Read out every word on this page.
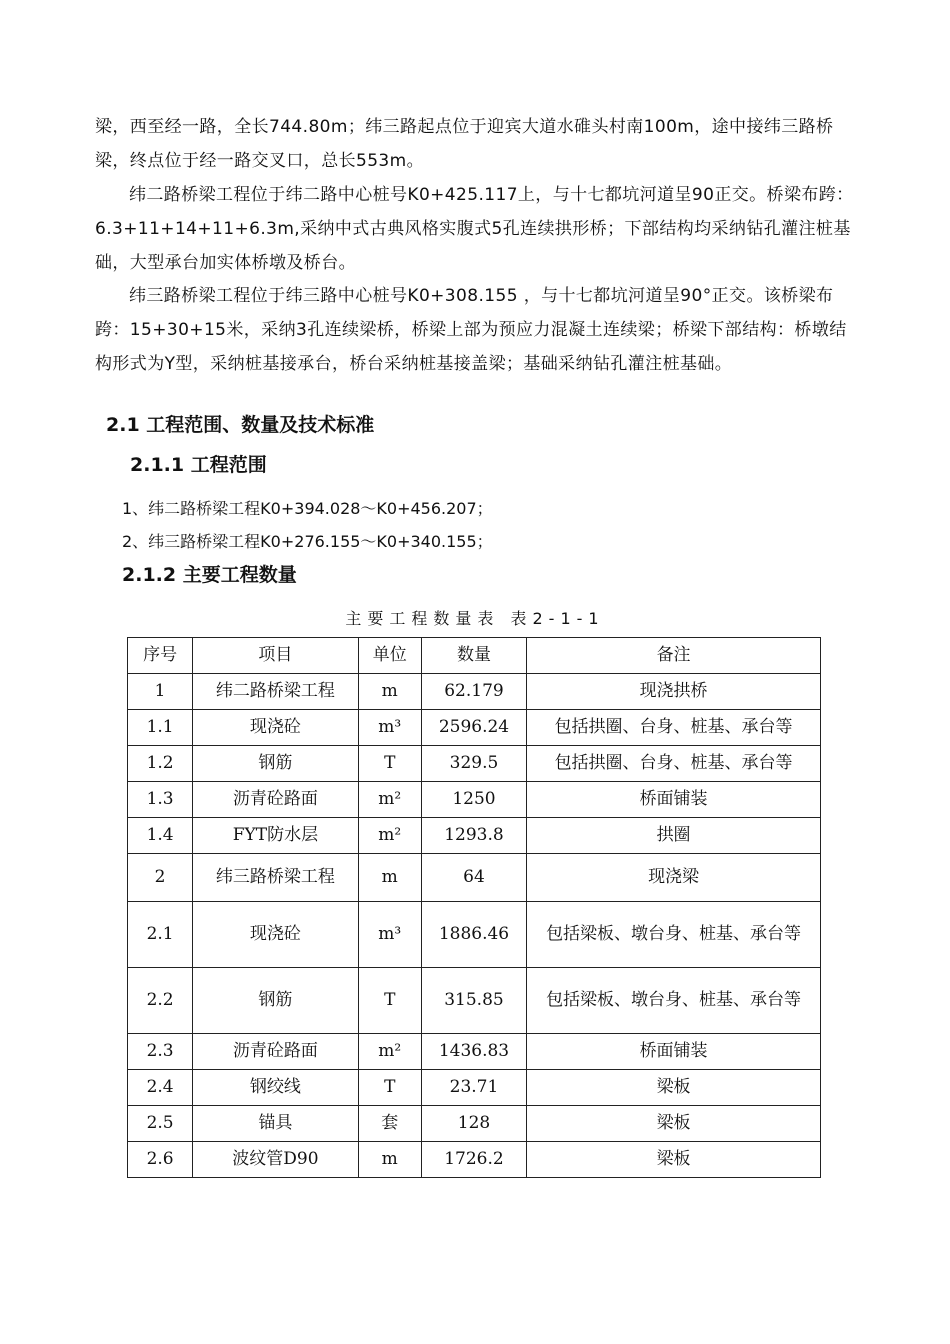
梁，西至经一路，全长744.80m；纬三路起点位于迎宾大道水碓头村南100m，途中接纬三路桥梁，终点位于经一路交叉口，总长553m。

纬二路桥梁工程位于纬二路中心桩号K0+425.117上，与十七都坑河道呈90正交。桥梁布跨：6.3+11+14+11+6.3m,采纳中式古典风格实腹式5孔连续拱形桥；下部结构均采纳钻孔灌注桩基础，大型承台加实体桥墩及桥台。

纬三路桥梁工程位于纬三路中心桩号K0+308.155 ，与十七都坑河道呈90°正交。该桥梁布跨：15+30+15米，采纳3孔连续梁桥，桥梁上部为预应力混凝土连续梁；桥梁下部结构：桥墩结构形式为Y型，采纳桩基接承台，桥台采纳桩基接盖梁；基础采纳钻孔灌注桩基础。

2.1 工程范围、数量及技术标准
2.1.1 工程范围

1、纬二路桥梁工程K0+394.028～K0+456.207；

2、纬三路桥梁工程K0+276.155～K0+340.155；

2.1.2 主要工程数量

主要工程数量表 表2-1-1

序号	项目	单位	数量	备注
1	纬二路桥梁工程	m	62.179	现浇拱桥
1.1	现浇砼	m³	2596.24	包括拱圈、台身、桩基、承台等
1.2	钢筋	T	329.5	包括拱圈、台身、桩基、承台等
1.3	沥青砼路面	m²	1250	桥面铺装
1.4	FYT防水层	m²	1293.8	拱圈
2	纬三路桥梁工程	m	64	现浇梁
2.1	现浇砼	m³	1886.46	包括梁板、墩台身、桩基、承台等
2.2	钢筋	T	315.85	包括梁板、墩台身、桩基、承台等
2.3	沥青砼路面	m²	1436.83	桥面铺装
2.4	钢绞线	T	23.71	梁板
2.5	锚具	套	128	梁板
2.6	波纹管D90	m	1726.2	梁板
